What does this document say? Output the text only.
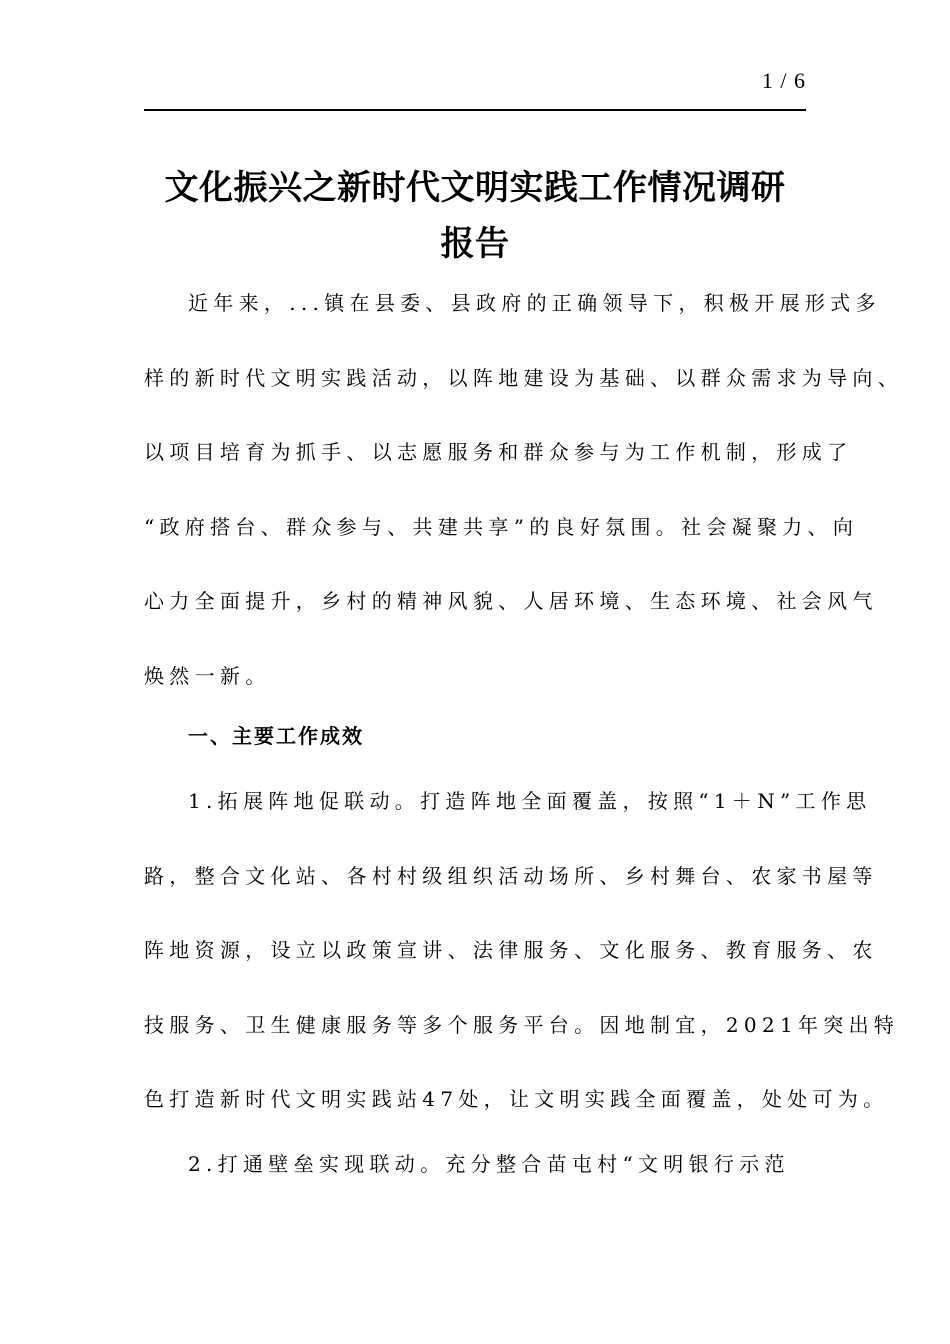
1 / 6
文化振兴之新时代文明实践工作情况调研
报告
近年来，...镇在县委、县政府的正确领导下，积极开展形式多
样的新时代文明实践活动，以阵地建设为基础、以群众需求为导向、
以项目培育为抓手、以志愿服务和群众参与为工作机制，形成了
“政府搭台、群众参与、共建共享”的良好氛围。社会凝聚力、向
心力全面提升，乡村的精神风貌、人居环境、生态环境、社会风气
焕然一新。
一、主要工作成效
1.拓展阵地促联动。打造阵地全面覆盖，按照“1＋N”工作思
路，整合文化站、各村村级组织活动场所、乡村舞台、农家书屋等
阵地资源，设立以政策宣讲、法律服务、文化服务、教育服务、农
技服务、卫生健康服务等多个服务平台。因地制宜，2021年突出特
色打造新时代文明实践站47处，让文明实践全面覆盖，处处可为。
2.打通壁垒实现联动。充分整合苗屯村“文明银行示范
